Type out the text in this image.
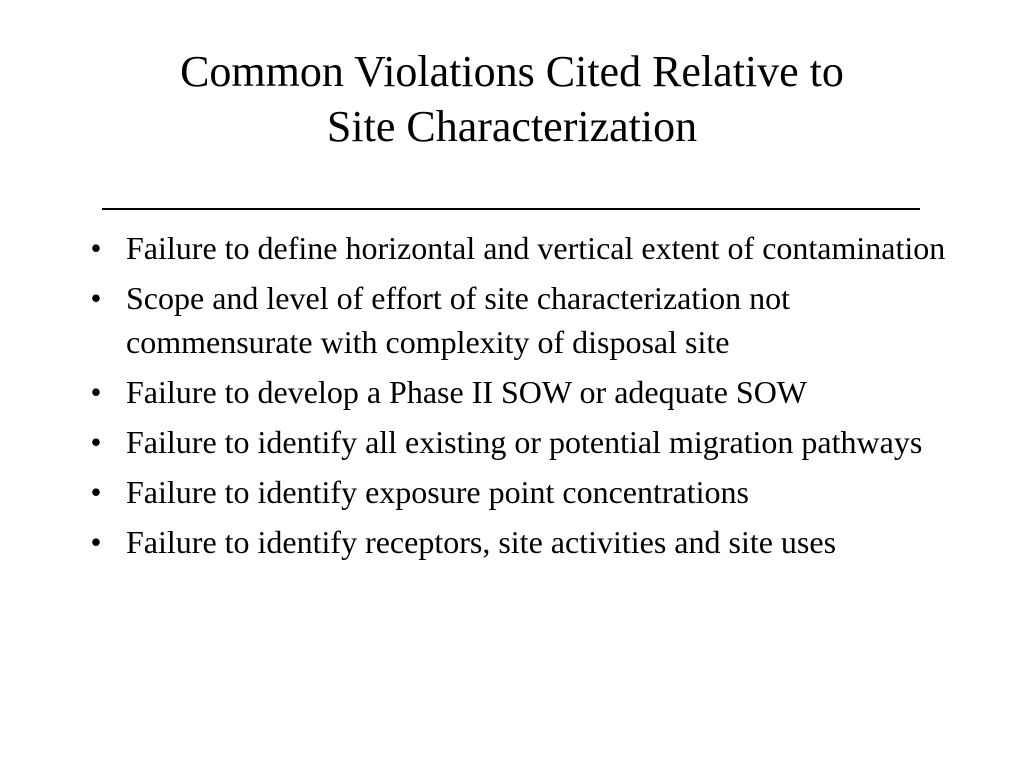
Common Violations Cited Relative to
Site Characterization
• Failure to define horizontal and vertical extent of contamination
• Scope and level of effort of site characterization not commensurate with complexity of disposal site
• Failure to develop a Phase II SOW or adequate SOW
• Failure to identify all existing or potential migration pathways
• Failure to identify exposure point concentrations
• Failure to identify receptors, site activities and site uses
